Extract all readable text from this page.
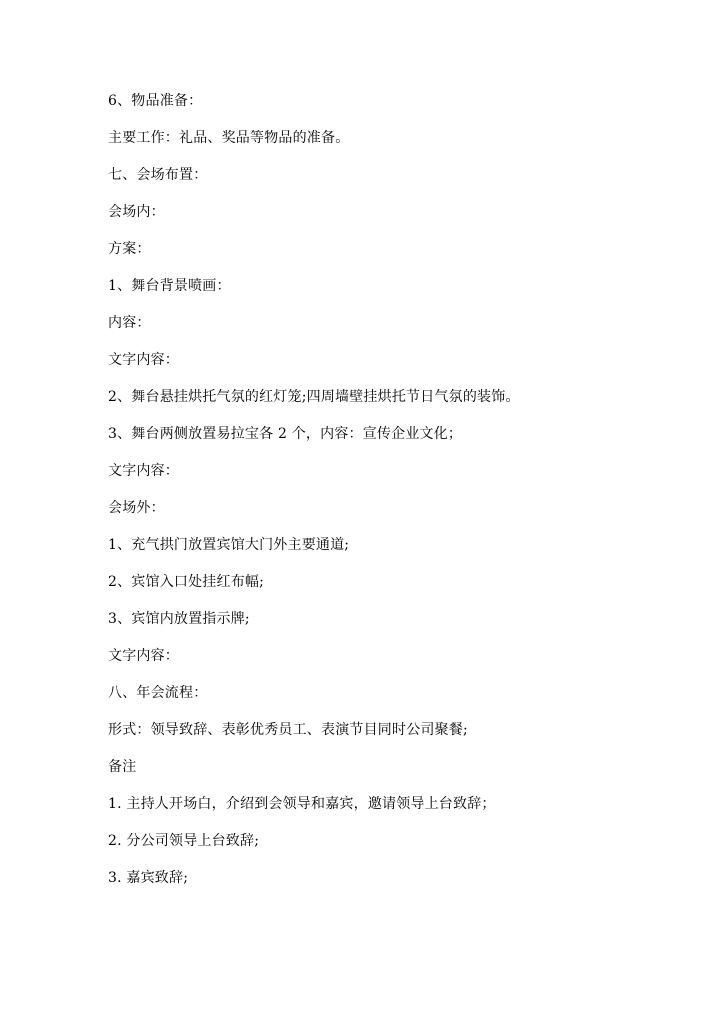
6、物品准备：
主要工作：礼品、奖品等物品的准备。
七、会场布置：
会场内：
方案：
1、舞台背景喷画：
内容：
文字内容：
2、舞台悬挂烘托气氛的红灯笼;四周墙壁挂烘托节日气氛的装饰。
3、舞台两侧放置易拉宝各 2 个，内容：宣传企业文化；
文字内容：
会场外：
1、充气拱门放置宾馆大门外主要通道;
2、宾馆入口处挂红布幅;
3、宾馆内放置指示牌;
文字内容：
八、年会流程：
形式：领导致辞、表彰优秀员工、表演节目同时公司聚餐;
备注
1. 主持人开场白，介绍到会领导和嘉宾，邀请领导上台致辞；
2. 分公司领导上台致辞;
3. 嘉宾致辞;
